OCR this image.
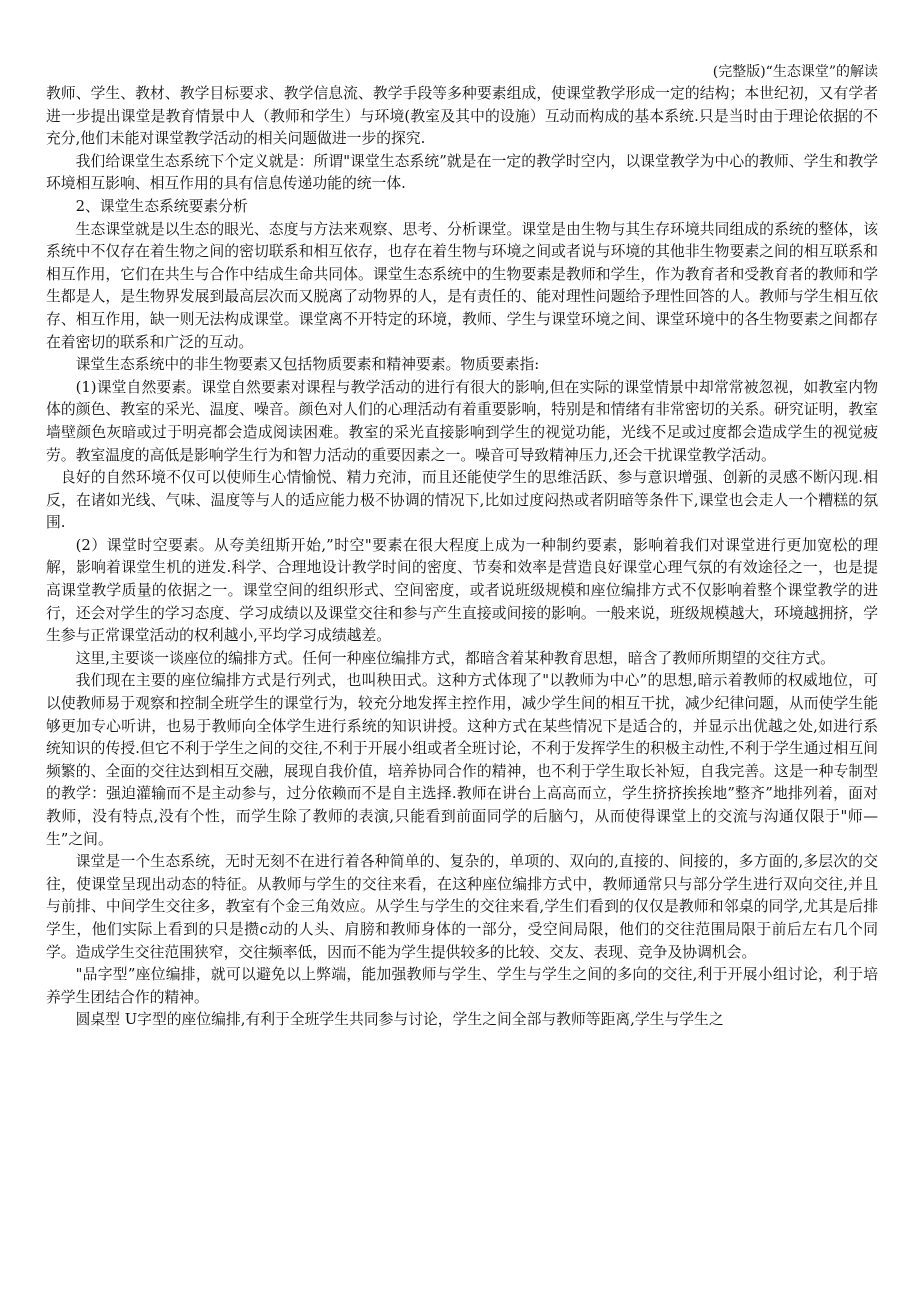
(完整版)“生态课堂”的解读

教师、学生、教材、教学目标要求、教学信息流、教学手段等多种要素组成，使课堂教学形成一定的结构；本世纪初，又有学者进一步提出课堂是教育情景中人（教师和学生）与环境(教室及其中的设施）互动而构成的基本系统.只是当时由于理论依据的不充分,他们未能对课堂教学活动的相关问题做进一步的探究.

我们给课堂生态系统下个定义就是：所谓"课堂生态系统”就是在一定的教学时空内，以课堂教学为中心的教师、学生和教学环境相互影响、相互作用的具有信息传递功能的统一体.

2、课堂生态系统要素分析

生态课堂就是以生态的眼光、态度与方法来观察、思考、分析课堂。课堂是由生物与其生存环境共同组成的系统的整体，该系统中不仅存在着生物之间的密切联系和相互依存，也存在着生物与环境之间或者说与环境的其他非生物要素之间的相互联系和相互作用，它们在共生与合作中结成生命共同体。课堂生态系统中的生物要素是教师和学生，作为教育者和受教育者的教师和学生都是人，是生物界发展到最高层次而又脱离了动物界的人，是有责任的、能对理性问题给予理性回答的人。教师与学生相互依存、相互作用，缺一则无法构成课堂。课堂离不开特定的环境，教师、学生与课堂环境之间、课堂环境中的各生物要素之间都存在着密切的联系和广泛的互动。

课堂生态系统中的非生物要素又包括物质要素和精神要素。物质要素指:

(1)课堂自然要素。课堂自然要素对课程与教学活动的进行有很大的影响,但在实际的课堂情景中却常常被忽视，如教室内物体的颜色、教室的采光、温度、噪音。颜色对人们的心理活动有着重要影响，特别是和情绪有非常密切的关系。研究证明，教室墙壁颜色灰暗或过于明亮都会造成阅读困难。教室的采光直接影响到学生的视觉功能，光线不足或过度都会造成学生的视觉疲劳。教室温度的高低是影响学生行为和智力活动的重要因素之一。噪音可导致精神压力,还会干扰课堂教学活动。

良好的自然环境不仅可以使师生心情愉悦、精力充沛，而且还能使学生的思维活跃、参与意识增强、创新的灵感不断闪现.相反，在诸如光线、气味、温度等与人的适应能力极不协调的情况下,比如过度闷热或者阴暗等条件下,课堂也会走人一个糟糕的氛围.

(2）课堂时空要素。从夸美纽斯开始,”时空"要素在很大程度上成为一种制约要素，影响着我们对课堂进行更加宽松的理解，影响着课堂生机的迸发.科学、合理地设计教学时间的密度、节奏和效率是营造良好课堂心理气氛的有效途径之一，也是提高课堂教学质量的依据之一。课堂空间的组织形式、空间密度，或者说班级规模和座位编排方式不仅影响着整个课堂教学的进行，还会对学生的学习态度、学习成绩以及课堂交往和参与产生直接或间接的影响。一般来说，班级规模越大，环境越拥挤，学生参与正常课堂活动的权利越小,平均学习成绩越差。

这里,主要谈一谈座位的编排方式。任何一种座位编排方式，都暗含着某种教育思想，暗含了教师所期望的交往方式。

我们现在主要的座位编排方式是行列式，也叫秧田式。这种方式体现了"以教师为中心”的思想,暗示着教师的权威地位，可以使教师易于观察和控制全班学生的课堂行为，较充分地发挥主控作用，减少学生间的相互干扰，减少纪律问题，从而使学生能够更加专心听讲，也易于教师向全体学生进行系统的知识讲授。这种方式在某些情况下是适合的，并显示出优越之处,如进行系统知识的传授.但它不利于学生之间的交往,不利于开展小组或者全班讨论，不利于发挥学生的积极主动性,不利于学生通过相互间频繁的、全面的交往达到相互交融，展现自我价值，培养协同合作的精神，也不利于学生取长补短，自我完善。这是一种专制型的教学：强迫灌输而不是主动参与，过分依赖而不是自主选择.教师在讲台上高高而立，学生挤挤挨挨地”整齐”地排列着，面对教师，没有特点,没有个性，而学生除了教师的表演,只能看到前面同学的后脑勺，从而使得课堂上的交流与沟通仅限于"师—生”之间。

课堂是一个生态系统，无时无刻不在进行着各种简单的、复杂的，单项的、双向的,直接的、间接的，多方面的,多层次的交往，使课堂呈现出动态的特征。从教师与学生的交往来看，在这种座位编排方式中，教师通常只与部分学生进行双向交往,并且与前排、中间学生交往多，教室有个金三角效应。从学生与学生的交往来看,学生们看到的仅仅是教师和邻桌的同学,尤其是后排学生，他们实际上看到的只是攒c动的人头、肩膀和教师身体的一部分，受空间局限，他们的交往范围局限于前后左右几个同学。造成学生交往范围狭窄，交往频率低，因而不能为学生提供较多的比较、交友、表现、竞争及协调机会。

"品字型”座位编排，就可以避免以上弊端，能加强教师与学生、学生与学生之间的多向的交往,利于开展小组讨论，利于培养学生团结合作的精神。

圆桌型 U字型的座位编排,有利于全班学生共同参与讨论，学生之间全部与教师等距离,学生与学生之
